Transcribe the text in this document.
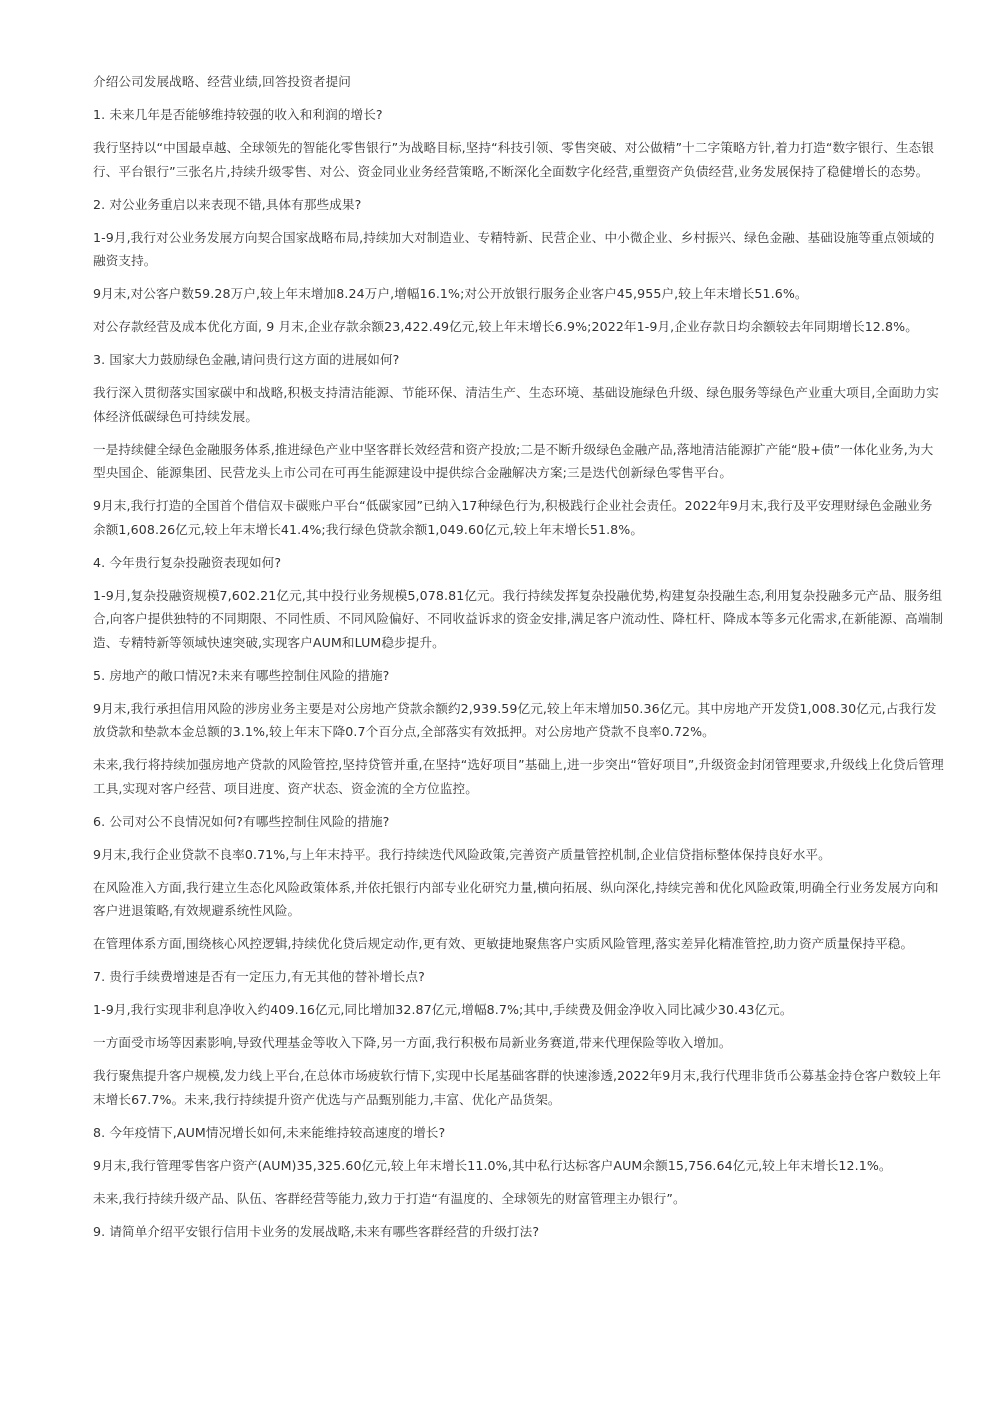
介绍公司发展战略、经营业绩,回答投资者提问

1. 未来几年是否能够维持较强的收入和利润的增长?

我行坚持以“中国最卓越、全球领先的智能化零售银行”为战略目标,坚持“科技引领、零售突破、对公做精”十二字策略方针,着力打造“数字银行、生态银行、平台银行”三张名片,持续升级零售、对公、资金同业业务经营策略,不断深化全面数字化经营,重塑资产负债经营,业务发展保持了稳健增长的态势。

2. 对公业务重启以来表现不错,具体有那些成果?

1-9月,我行对公业务发展方向契合国家战略布局,持续加大对制造业、专精特新、民营企业、中小微企业、乡村振兴、绿色金融、基础设施等重点领域的融资支持。

9月末,对公客户数59.28万户,较上年末增加8.24万户,增幅16.1%;对公开放银行服务企业客户45,955户,较上年末增长51.6%。

对公存款经营及成本优化方面, 9 月末,企业存款余额23,422.49亿元,较上年末增长6.9%;2022年1-9月,企业存款日均余额较去年同期增长12.8%。

3. 国家大力鼓励绿色金融,请问贵行这方面的进展如何?

我行深入贯彻落实国家碳中和战略,积极支持清洁能源、节能环保、清洁生产、生态环境、基础设施绿色升级、绿色服务等绿色产业重大项目,全面助力实体经济低碳绿色可持续发展。

一是持续健全绿色金融服务体系,推进绿色产业中坚客群长效经营和资产投放;二是不断升级绿色金融产品,落地清洁能源扩产能“股+债”一体化业务,为大型央国企、能源集团、民营龙头上市公司在可再生能源建设中提供综合金融解决方案;三是迭代创新绿色零售平台。

9月末,我行打造的全国首个借信双卡碳账户平台“低碳家园”已纳入17种绿色行为,积极践行企业社会责任。2022年9月末,我行及平安理财绿色金融业务余额1,608.26亿元,较上年末增长41.4%;我行绿色贷款余额1,049.60亿元,较上年末增长51.8%。

4. 今年贵行复杂投融资表现如何?

1-9月,复杂投融资规模7,602.21亿元,其中投行业务规模5,078.81亿元。我行持续发挥复杂投融优势,构建复杂投融生态,利用复杂投融多元产品、服务组合,向客户提供独特的不同期限、不同性质、不同风险偏好、不同收益诉求的资金安排,满足客户流动性、降杠杆、降成本等多元化需求,在新能源、高端制造、专精特新等领域快速突破,实现客户AUM和LUM稳步提升。

5. 房地产的敞口情况?未来有哪些控制住风险的措施?

9月末,我行承担信用风险的涉房业务主要是对公房地产贷款余额约2,939.59亿元,较上年末增加50.36亿元。其中房地产开发贷1,008.30亿元,占我行发放贷款和垫款本金总额的3.1%,较上年末下降0.7个百分点,全部落实有效抵押。对公房地产贷款不良率0.72%。

未来,我行将持续加强房地产贷款的风险管控,坚持贷管并重,在坚持“选好项目”基础上,进一步突出“管好项目”,升级资金封闭管理要求,升级线上化贷后管理工具,实现对客户经营、项目进度、资产状态、资金流的全方位监控。

6. 公司对公不良情况如何?有哪些控制住风险的措施?

9月末,我行企业贷款不良率0.71%,与上年末持平。我行持续迭代风险政策,完善资产质量管控机制,企业信贷指标整体保持良好水平。

在风险准入方面,我行建立生态化风险政策体系,并依托银行内部专业化研究力量,横向拓展、纵向深化,持续完善和优化风险政策,明确全行业务发展方向和客户进退策略,有效规避系统性风险。

在管理体系方面,围绕核心风控逻辑,持续优化贷后规定动作,更有效、更敏捷地聚焦客户实质风险管理,落实差异化精准管控,助力资产质量保持平稳。

7. 贵行手续费增速是否有一定压力,有无其他的替补增长点?

1-9月,我行实现非利息净收入约409.16亿元,同比增加32.87亿元,增幅8.7%;其中,手续费及佣金净收入同比减少30.43亿元。

一方面受市场等因素影响,导致代理基金等收入下降,另一方面,我行积极布局新业务赛道,带来代理保险等收入增加。

我行聚焦提升客户规模,发力线上平台,在总体市场疲软行情下,实现中长尾基础客群的快速渗透,2022年9月末,我行代理非货币公募基金持仓客户数较上年末增长67.7%。未来,我行持续提升资产优选与产品甄别能力,丰富、优化产品货架。

8. 今年疫情下,AUM情况增长如何,未来能维持较高速度的增长?

9月末,我行管理零售客户资产(AUM)35,325.60亿元,较上年末增长11.0%,其中私行达标客户AUM余额15,756.64亿元,较上年末增长12.1%。

未来,我行持续升级产品、队伍、客群经营等能力,致力于打造“有温度的、全球领先的财富管理主办银行”。

9. 请简单介绍平安银行信用卡业务的发展战略,未来有哪些客群经营的升级打法?
